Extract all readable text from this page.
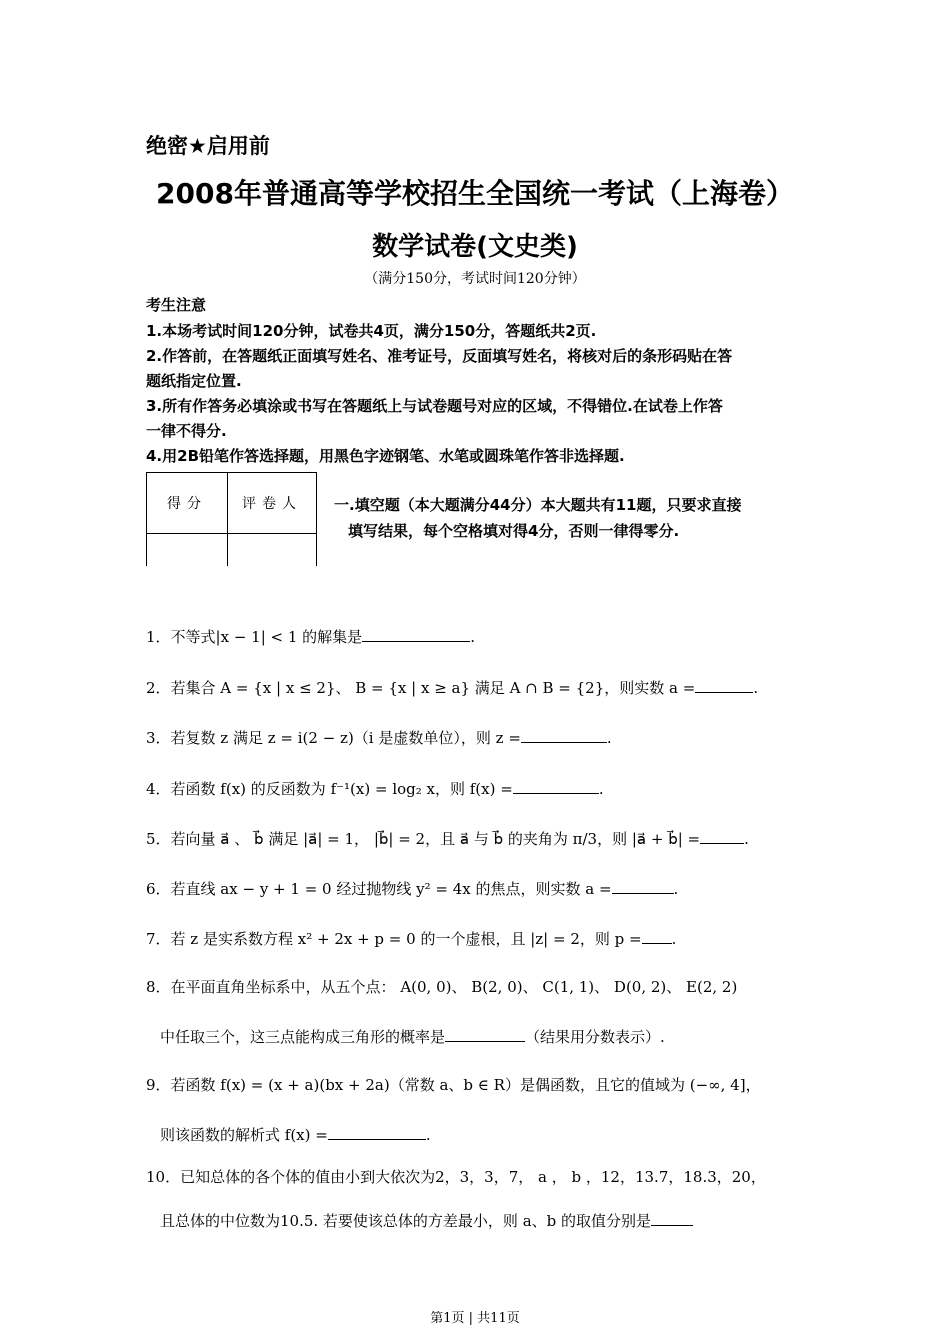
绝密★启用前
2008年普通高等学校招生全国统一考试（上海卷）
数学试卷(文史类)
（满分150分，考试时间120分钟）
考生注意
1.本场考试时间120分钟，试卷共4页，满分150分，答题纸共2页.
2.作答前，在答题纸正面填写姓名、准考证号，反面填写姓名，将核对后的条形码贴在答
题纸指定位置.
3.所有作答务必填涂或书写在答题纸上与试卷题号对应的区域，不得错位.在试卷上作答
一律不得分.
4.用2B铅笔作答选择题，用黑色字迹钢笔、水笔或圆珠笔作答非选择题.
得分	评卷人
	一.填空题（本大题满分44分）本大题共有11题，只要求直接
填写结果，每个空格填对得4分，否则一律得零分.
1．不等式|x − 1| < 1 的解集是	.
2．若集合 A = {x | x ≤ 2}、 B = {x | x ≥ a} 满足 A ∩ B = {2}，则实数 a =	.
3．若复数 z 满足 z = i(2 − z)（i 是虚数单位），则 z =	.
4．若函数 f(x) 的反函数为 f⁻¹(x) = log₂ x，则 f(x) =	.
5．若向量 a⃗ 、 b⃗ 满足 |a⃗| = 1， |b⃗| = 2，且 a⃗ 与 b⃗ 的夹角为 π/3，则 |a⃗ + b⃗| =	.
6．若直线 ax − y + 1 = 0 经过抛物线 y² = 4x 的焦点，则实数 a =	.
7．若 z 是实系数方程 x² + 2x + p = 0 的一个虚根，且 |z| = 2，则 p = .
8．在平面直角坐标系中，从五个点： A(0, 0)、 B(2, 0)、 C(1, 1)、 D(0, 2)、 E(2, 2)
中任取三个，这三点能构成三角形的概率是	（结果用分数表示）.
9．若函数 f(x) = (x + a)(bx + 2a)（常数 a、b ∈ R）是偶函数，且它的值域为 (−∞, 4]，
则该函数的解析式 f(x) =	.
10．已知总体的各个体的值由小到大依次为2，3，3，7， a ， b ，12，13.7，18.3，20，
且总体的中位数为10.5. 若要使该总体的方差最小，则 a、b 的取值分别是
第1页 | 共11页
